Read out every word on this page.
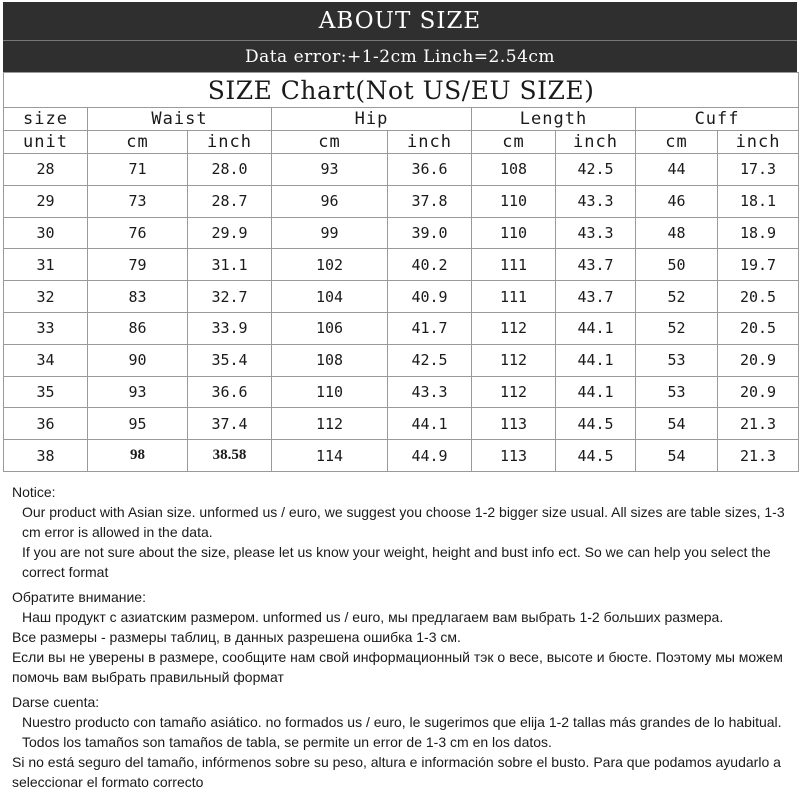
ABOUT SIZE
Data error:+1-2cm Linch=2.54cm
SIZE Chart(Not US/EU SIZE)								
size	Waist		Hip		Length		Cuff	
unit	cm	inch	cm	inch	cm	inch	cm	inch
28	71	28.0	93	36.6	108	42.5	44	17.3
29	73	28.7	96	37.8	110	43.3	46	18.1
30	76	29.9	99	39.0	110	43.3	48	18.9
31	79	31.1	102	40.2	111	43.7	50	19.7
32	83	32.7	104	40.9	111	43.7	52	20.5
33	86	33.9	106	41.7	112	44.1	52	20.5
34	90	35.4	108	42.5	112	44.1	53	20.9
35	93	36.6	110	43.3	112	44.1	53	20.9
36	95	37.4	112	44.1	113	44.5	54	21.3
38	98	38.58	114	44.9	113	44.5	54	21.3

Notice:

Our product with Asian size. unformed us / euro, we suggest you choose 1-2 bigger size usual. All sizes are table sizes, 1-3 cm error is allowed in the data.

If you are not sure about the size, please let us know your weight, height and bust info ect. So we can help you select the correct format

Обратите внимание:

Наш продукт с азиатским размером. unformed us / euro, мы предлагаем вам выбрать 1-2 больших размера.

Все размеры - размеры таблиц, в данных разрешена ошибка 1-3 см.

Если вы не уверены в размере, сообщите нам свой информационный тэк о весе, высоте и бюсте. Поэтому мы можем помочь вам выбрать правильный формат

Darse cuenta:

Nuestro producto con tamaño asiático. no formados us / euro, le sugerimos que elija 1-2 tallas más grandes de lo habitual. Todos los tamaños son tamaños de tabla, se permite un error de 1-3 cm en los datos.

Si no está seguro del tamaño, infórmenos sobre su peso, altura e información sobre el busto. Para que podamos ayudarlo a seleccionar el formato correcto
